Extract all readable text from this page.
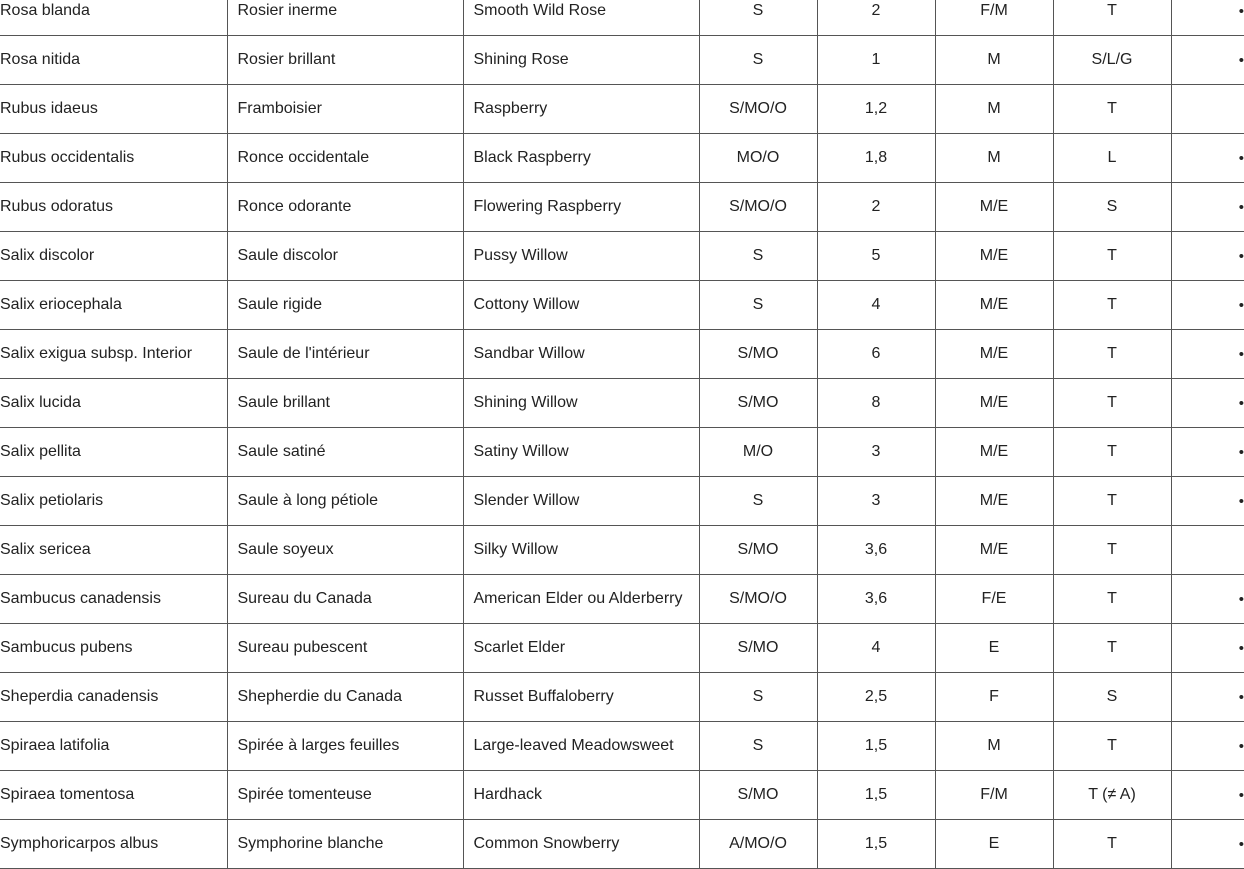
Rosa blanda	Rosier inerme	Smooth Wild Rose	S	2	F/M	T	•
Rosa nitida	Rosier brillant	Shining Rose	S	1	M	S/L/G	•
Rubus idaeus	Framboisier	Raspberry	S/MO/O	1,2	M	T	
Rubus occidentalis	Ronce occidentale	Black Raspberry	MO/O	1,8	M	L	•
Rubus odoratus	Ronce odorante	Flowering Raspberry	S/MO/O	2	M/E	S	•
Salix discolor	Saule discolor	Pussy Willow	S	5	M/E	T	•
Salix eriocephala	Saule rigide	Cottony Willow	S	4	M/E	T	•
Salix exigua subsp. Interior	Saule de l'intérieur	Sandbar Willow	S/MO	6	M/E	T	•
Salix lucida	Saule brillant	Shining Willow	S/MO	8	M/E	T	•
Salix pellita	Saule satiné	Satiny Willow	M/O	3	M/E	T	•
Salix petiolaris	Saule à long pétiole	Slender Willow	S	3	M/E	T	•
Salix sericea	Saule soyeux	Silky Willow	S/MO	3,6	M/E	T	
Sambucus canadensis	Sureau du Canada	American Elder ou Alderberry	S/MO/O	3,6	F/E	T	•
Sambucus pubens	Sureau pubescent	Scarlet Elder	S/MO	4	E	T	•
Sheperdia canadensis	Shepherdie du Canada	Russet Buffaloberry	S	2,5	F	S	•
Spiraea latifolia	Spirée à larges feuilles	Large-leaved Meadowsweet	S	1,5	M	T	•
Spiraea tomentosa	Spirée tomenteuse	Hardhack	S/MO	1,5	F/M	T (≠ A)	•
Symphoricarpos albus	Symphorine blanche	Common Snowberry	A/MO/O	1,5	E	T	•
